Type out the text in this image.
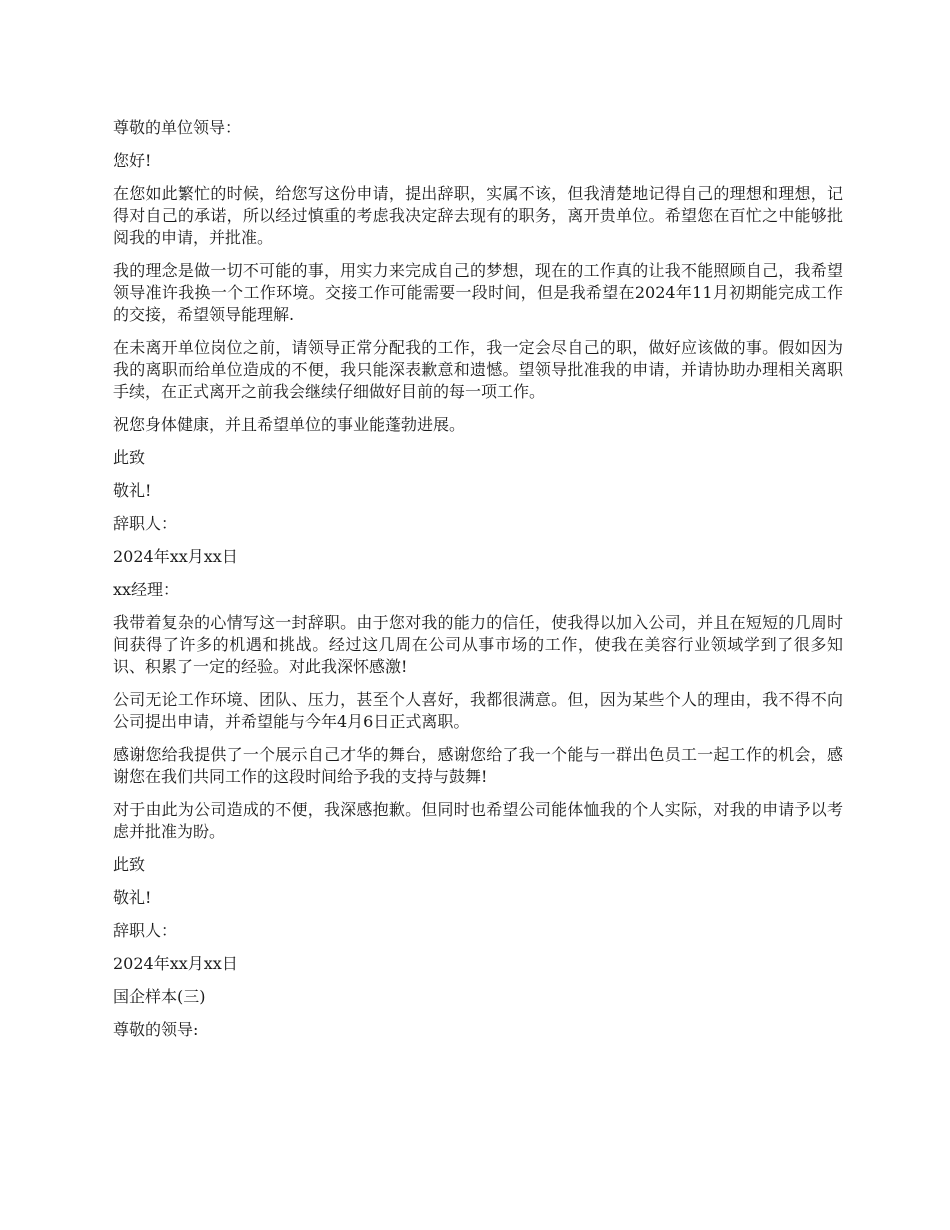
尊敬的单位领导：

您好!

在您如此繁忙的时候，给您写这份申请，提出辞职，实属不该，但我清楚地记得自己的理想和理想，记得对自己的承诺，所以经过慎重的考虑我决定辞去现有的职务，离开贵单位。希望您在百忙之中能够批阅我的申请，并批准。

我的理念是做一切不可能的事，用实力来完成自己的梦想，现在的工作真的让我不能照顾自己，我希望领导准许我换一个工作环境。交接工作可能需要一段时间，但是我希望在2024年11月初期能完成工作的交接，希望领导能理解.

在未离开单位岗位之前，请领导正常分配我的工作，我一定会尽自己的职，做好应该做的事。假如因为我的离职而给单位造成的不便，我只能深表歉意和遗憾。望领导批准我的申请，并请协助办理相关离职手续，在正式离开之前我会继续仔细做好目前的每一项工作。

祝您身体健康，并且希望单位的事业能蓬勃进展。

此致

敬礼!

辞职人：

2024年xx月xx日

xx经理：

我带着复杂的心情写这一封辞职。由于您对我的能力的信任，使我得以加入公司，并且在短短的几周时间获得了许多的机遇和挑战。经过这几周在公司从事市场的工作，使我在美容行业领域学到了很多知识、积累了一定的经验。对此我深怀感激!

公司无论工作环境、团队、压力，甚至个人喜好，我都很满意。但，因为某些个人的理由，我不得不向公司提出申请，并希望能与今年4月6日正式离职。

感谢您给我提供了一个展示自己才华的舞台，感谢您给了我一个能与一群出色员工一起工作的机会，感谢您在我们共同工作的这段时间给予我的支持与鼓舞!

对于由此为公司造成的不便，我深感抱歉。但同时也希望公司能体恤我的个人实际，对我的申请予以考虑并批准为盼。

此致

敬礼!

辞职人：

2024年xx月xx日

国企样本(三)

尊敬的领导:
